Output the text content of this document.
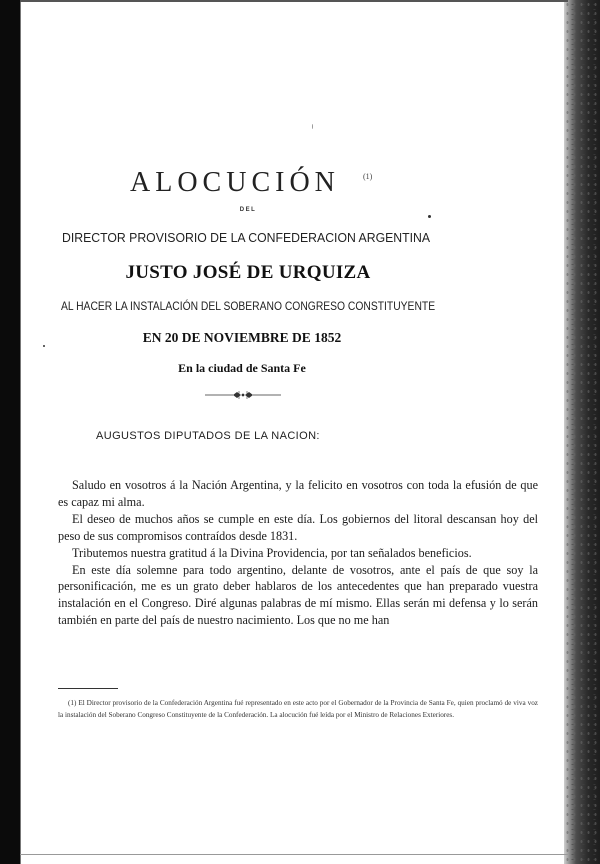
ALOCUCIÓN	(1)
DEL
DIRECTOR PROVISORIO DE LA CONFEDERACION ARGENTINA
JUSTO JOSÉ DE URQUIZA
AL HACER LA INSTALACIÓN DEL SOBERANO CONGRESO CONSTITUYENTE
EN 20 DE NOVIEMBRE DE 1852
En la ciudad de Santa Fe
AUGUSTOS DIPUTADOS DE LA NACION:

Saludo en vosotros á la Nación Argentina, y la felicito en vosotros con toda la efusión de que es capaz mi alma.

El deseo de muchos años se cumple en este día. Los gobiernos del litoral descansan hoy del peso de sus compromisos contraídos desde 1831.

Tributemos nuestra gratitud á la Divina Providencia, por tan señalados beneficios.

En este día solemne para todo argentino, delante de vosotros, ante el país de que soy la personificación, me es un grato deber hablaros de los antecedentes que han preparado vuestra instalación en el Congreso. Diré algunas palabras de mí mismo. Ellas serán mi defensa y lo serán también en parte del país de nuestro nacimiento. Los que no me han

(1) El Director provisorio de la Confederación Argentina fué representado en este acto por el Gobernador de la Provincia de Santa Fe, quien proclamó de viva voz la instalación del Soberano Congreso Constituyente de la Confederación. La alocución fué leída por el Ministro de Relaciones Exteriores.
